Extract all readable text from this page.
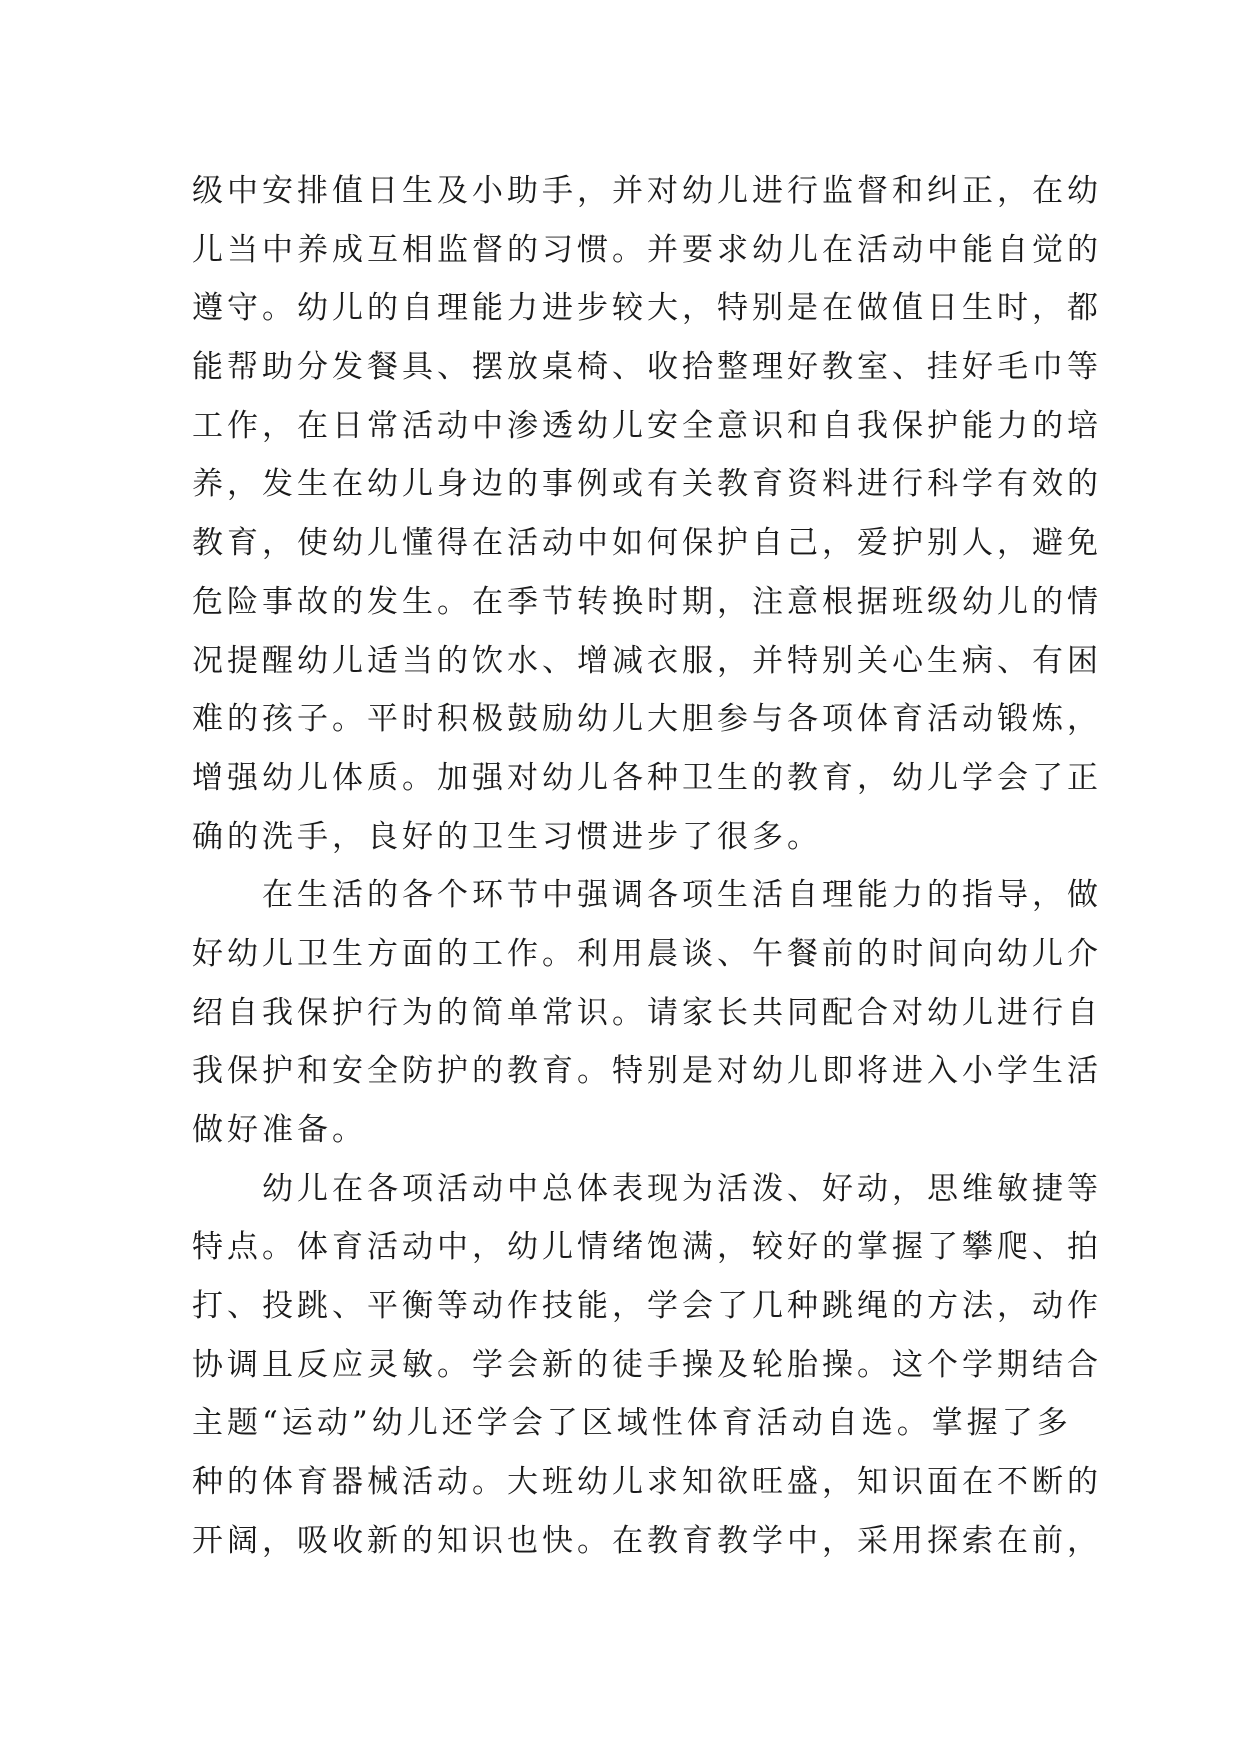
级中安排值日生及小助手，并对幼儿进行监督和纠正，在幼
儿当中养成互相监督的习惯。并要求幼儿在活动中能自觉的
遵守。幼儿的自理能力进步较大，特别是在做值日生时，都
能帮助分发餐具、摆放桌椅、收拾整理好教室、挂好毛巾等
工作，在日常活动中渗透幼儿安全意识和自我保护能力的培
养，发生在幼儿身边的事例或有关教育资料进行科学有效的
教育，使幼儿懂得在活动中如何保护自己，爱护别人，避免
危险事故的发生。在季节转换时期，注意根据班级幼儿的情
况提醒幼儿适当的饮水、增减衣服，并特别关心生病、有困
难的孩子。平时积极鼓励幼儿大胆参与各项体育活动锻炼，
增强幼儿体质。加强对幼儿各种卫生的教育，幼儿学会了正
确的洗手，良好的卫生习惯进步了很多。
　　在生活的各个环节中强调各项生活自理能力的指导，做
好幼儿卫生方面的工作。利用晨谈、午餐前的时间向幼儿介
绍自我保护行为的简单常识。请家长共同配合对幼儿进行自
我保护和安全防护的教育。特别是对幼儿即将进入小学生活
做好准备。
　　幼儿在各项活动中总体表现为活泼、好动，思维敏捷等
特点。体育活动中，幼儿情绪饱满，较好的掌握了攀爬、拍
打、投跳、平衡等动作技能，学会了几种跳绳的方法，动作
协调且反应灵敏。学会新的徒手操及轮胎操。这个学期结合
主题“运动”幼儿还学会了区域性体育活动自选。掌握了多
种的体育器械活动。大班幼儿求知欲旺盛，知识面在不断的
开阔，吸收新的知识也快。在教育教学中，采用探索在前，
